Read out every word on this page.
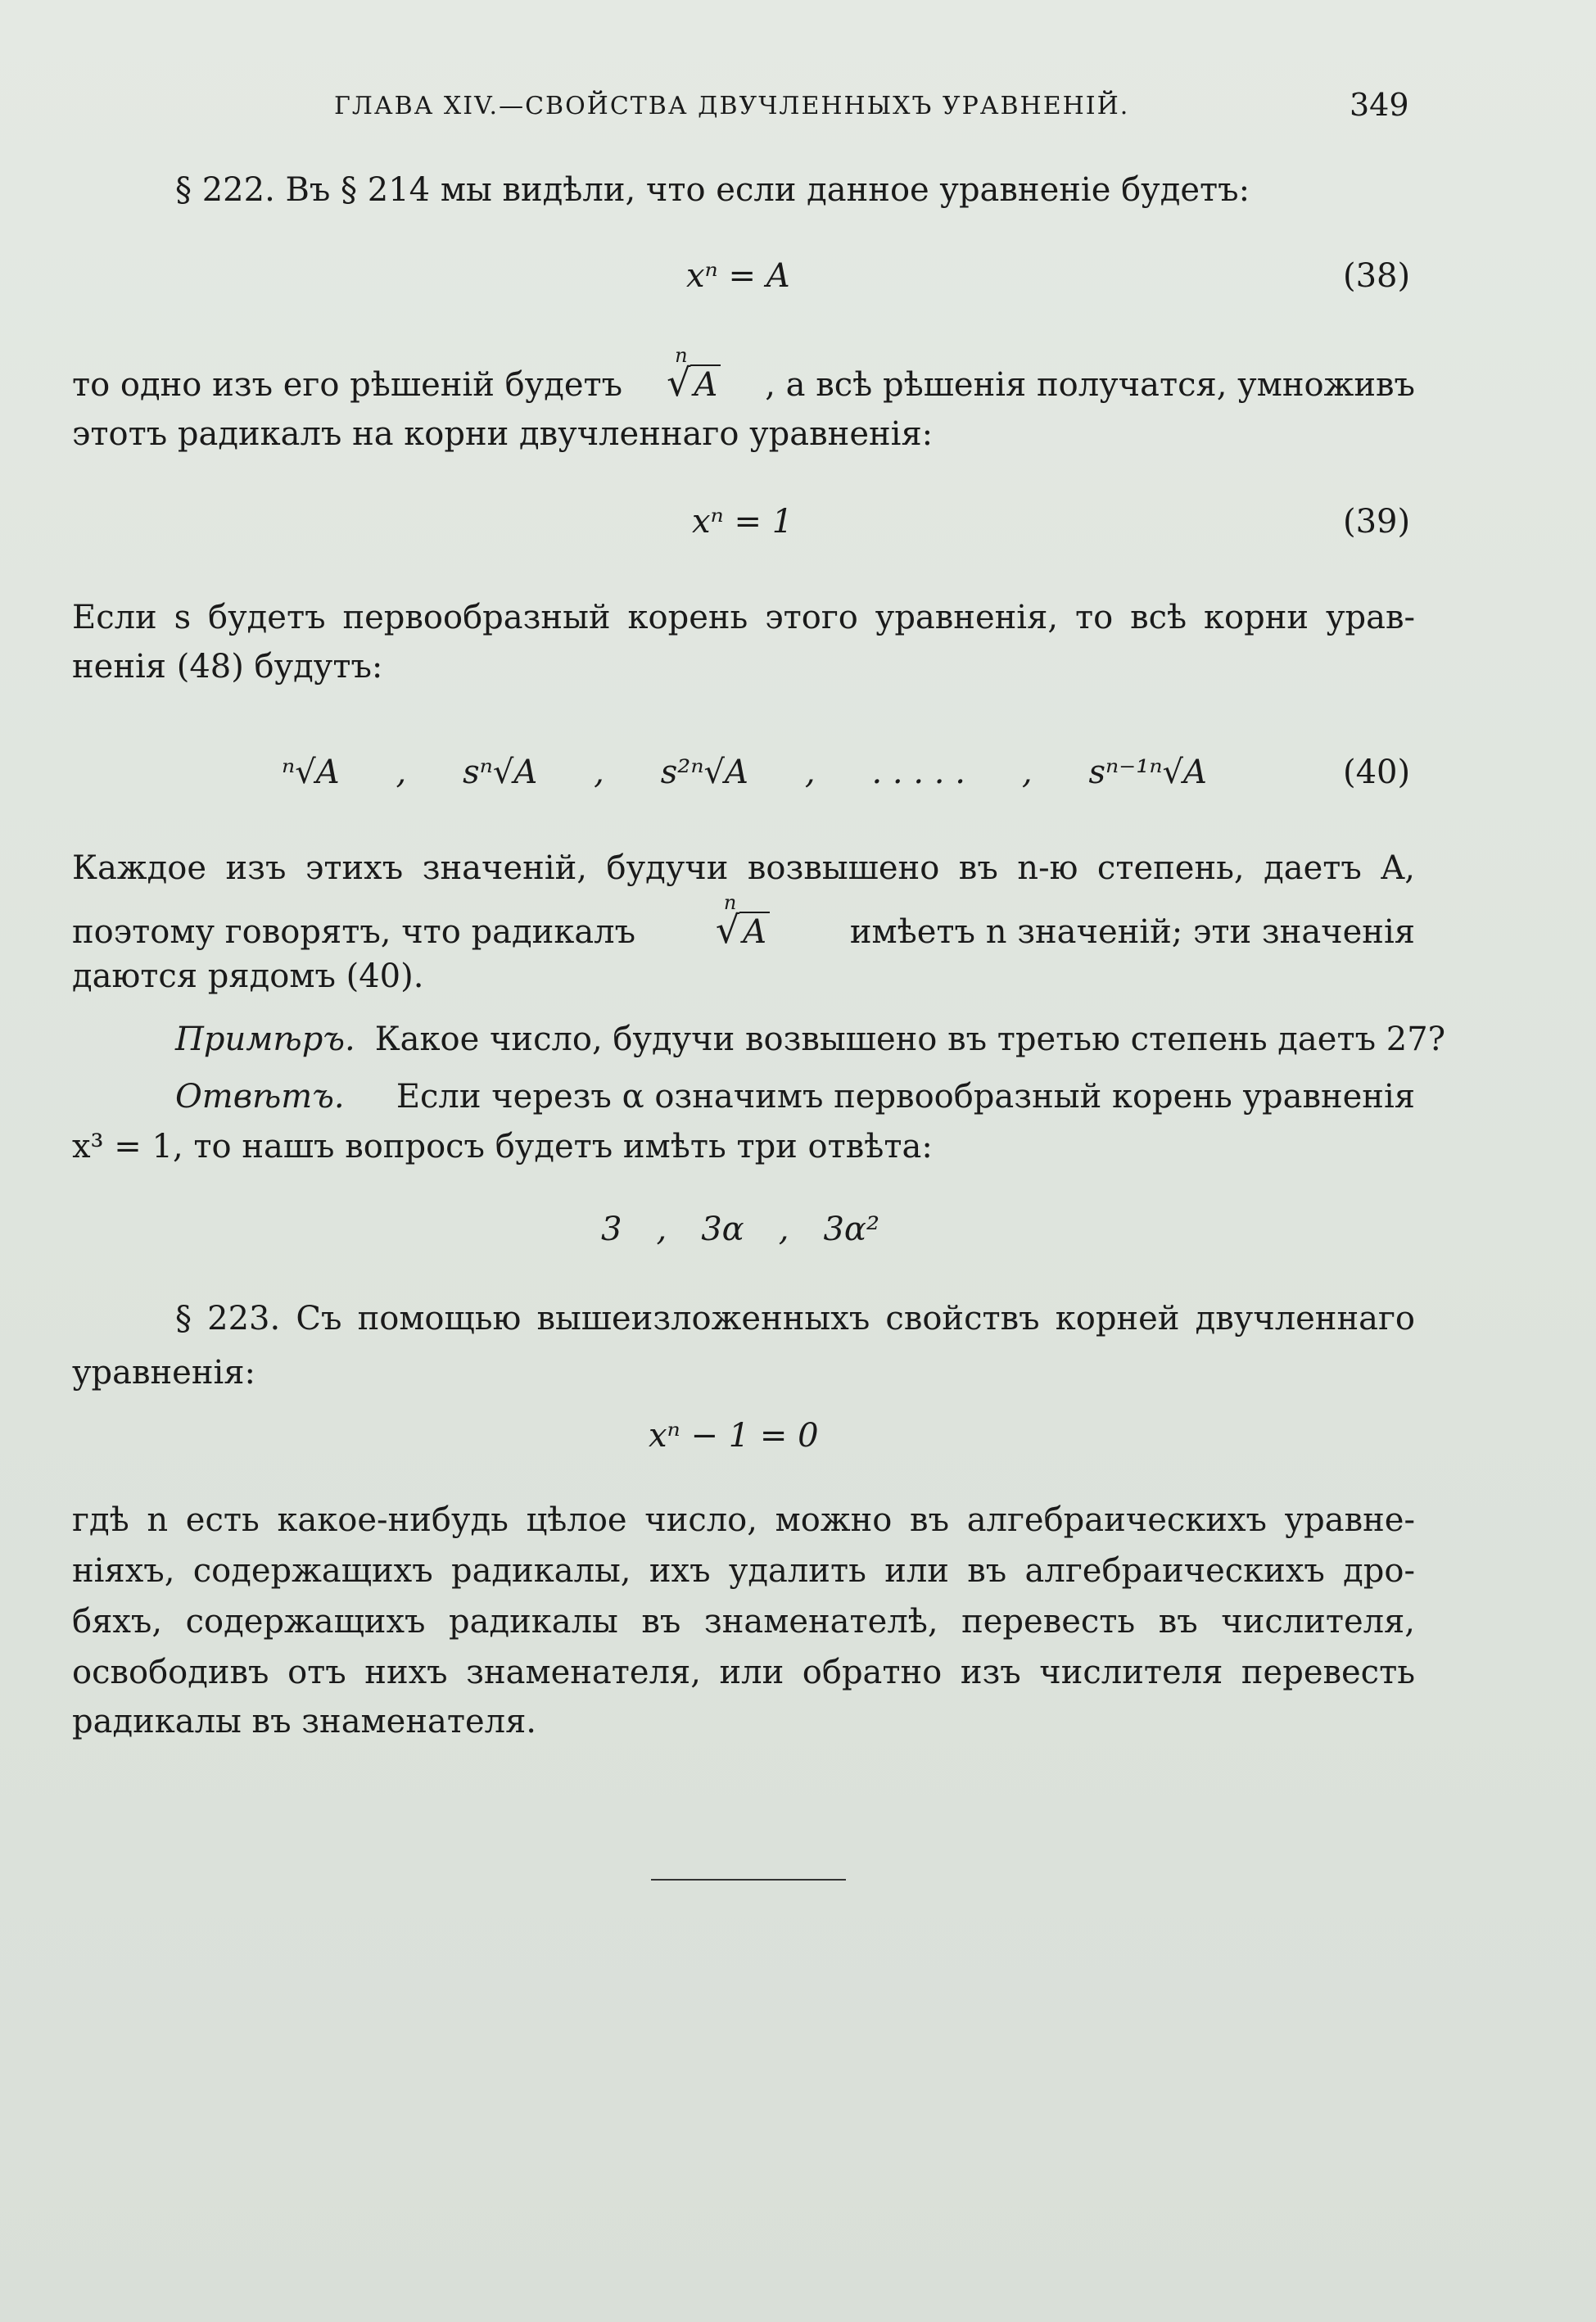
ГЛАВА XIV.—СВОЙСТВА ДВУЧЛЕННЫХЪ УРАВНЕНІЙ.	349
§ 222. Въ § 214 мы видѣли, что если данное уравненіе будетъ:
xⁿ = A	(38)
то одно изъ его рѣшеній будетъ
n
√ A , а всѣ рѣшенія получатся, умноживъ
этотъ радикалъ на корни двучленнаго уравненія:
xⁿ = 1	(39)
Если s будетъ первообразный корень этого уравненія, то всѣ корни урав-
ненія (48) будутъ:
ⁿ√A , sⁿ√A , s²ⁿ√A , . . . . . , sⁿ⁻¹ⁿ√A	(40)
Каждое изъ этихъ значеній, будучи возвышено въ n-ю степень, даетъ A,
поэтому говорятъ, что радикалъ
n
√ A	имѣетъ n значеній; эти значенія
даются рядомъ (40).
Примѣръ. Какое число, будучи возвышено въ третью степень даетъ 27?
Отвѣтъ. Если черезъ α означимъ первообразный корень уравненія
x³ = 1, то нашъ вопросъ будетъ имѣть три отвѣта:
3 , 3α , 3α²
§ 223. Съ помощью вышеизложенныхъ свойствъ корней двучленнаго
уравненія:
xⁿ − 1 = 0
гдѣ n есть какое-нибудь цѣлое число, можно въ алгебраическихъ уравне-
ніяхъ, содержащихъ радикалы, ихъ удалить или въ алгебраическихъ дро-
бяхъ, содержащихъ радикалы въ знаменателѣ, перевесть въ числителя,
освободивъ отъ нихъ знаменателя, или обратно изъ числителя перевесть
радикалы въ знаменателя.
